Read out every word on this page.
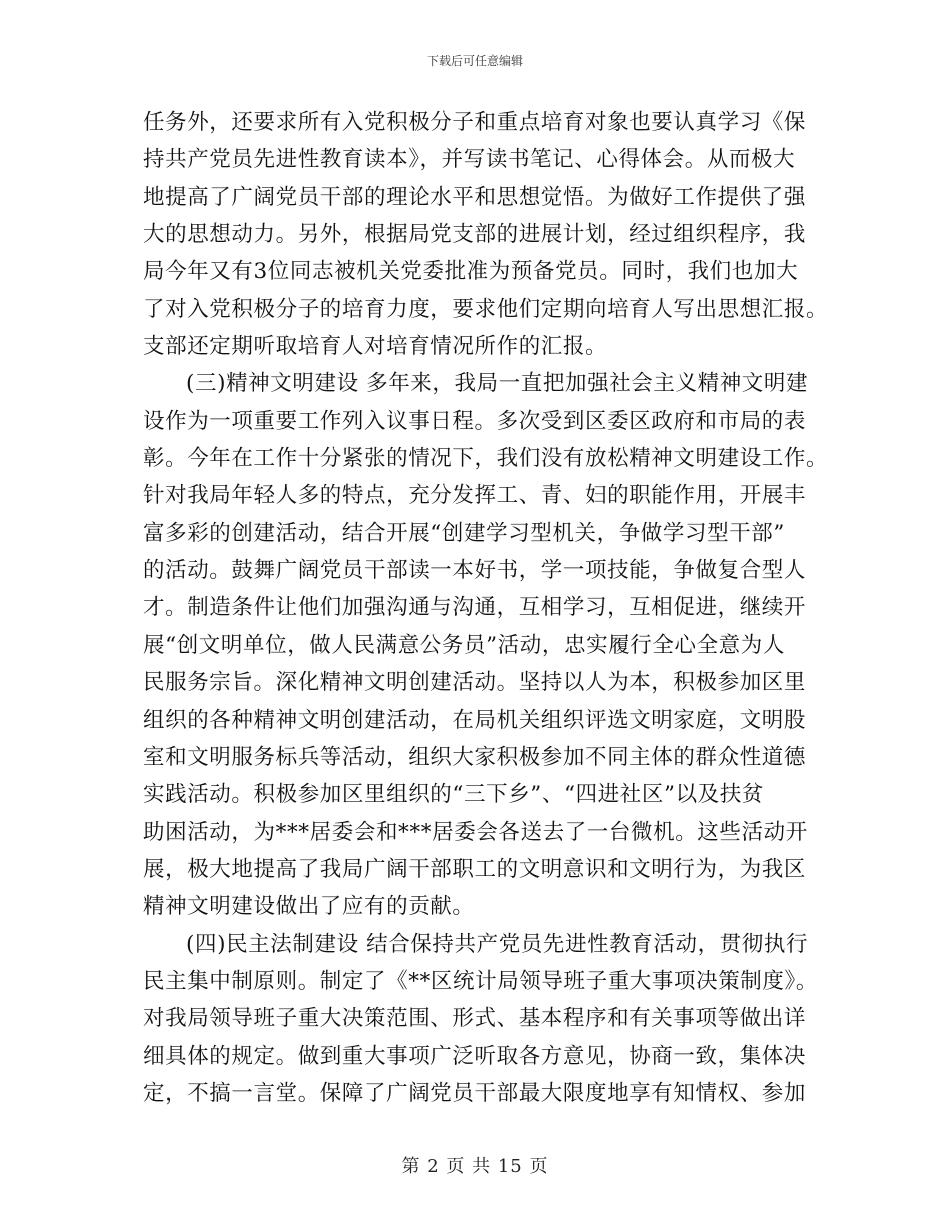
下载后可任意编辑
任务外，还要求所有入党积极分子和重点培育对象也要认真学习《保
持共产党员先进性教育读本》，并写读书笔记、心得体会。从而极大
地提高了广阔党员干部的理论水平和思想觉悟。为做好工作提供了强
大的思想动力。另外，根据局党支部的进展计划，经过组织程序，我
局今年又有3位同志被机关党委批准为预备党员。同时，我们也加大
了对入党积极分子的培育力度，要求他们定期向培育人写出思想汇报。
支部还定期听取培育人对培育情况所作的汇报。
(三)精神文明建设 多年来，我局一直把加强社会主义精神文明建
设作为一项重要工作列入议事日程。多次受到区委区政府和市局的表
彰。今年在工作十分紧张的情况下，我们没有放松精神文明建设工作。
针对我局年轻人多的特点，充分发挥工、青、妇的职能作用，开展丰
富多彩的创建活动，结合开展“创建学习型机关，争做学习型干部”
的活动。鼓舞广阔党员干部读一本好书，学一项技能，争做复合型人
才。制造条件让他们加强沟通与沟通，互相学习，互相促进，继续开
展“创文明单位，做人民满意公务员”活动，忠实履行全心全意为人
民服务宗旨。深化精神文明创建活动。坚持以人为本，积极参加区里
组织的各种精神文明创建活动，在局机关组织评选文明家庭，文明股
室和文明服务标兵等活动，组织大家积极参加不同主体的群众性道德
实践活动。积极参加区里组织的“三下乡”、“四进社区”以及扶贫
助困活动，为***居委会和***居委会各送去了一台微机。这些活动开
展，极大地提高了我局广阔干部职工的文明意识和文明行为，为我区
精神文明建设做出了应有的贡献。
(四)民主法制建设 结合保持共产党员先进性教育活动，贯彻执行
民主集中制原则。制定了《**区统计局领导班子重大事项决策制度》。
对我局领导班子重大决策范围、形式、基本程序和有关事项等做出详
细具体的规定。做到重大事项广泛听取各方意见，协商一致，集体决
定，不搞一言堂。保障了广阔党员干部最大限度地享有知情权、参加
第 2 页 共 15 页
